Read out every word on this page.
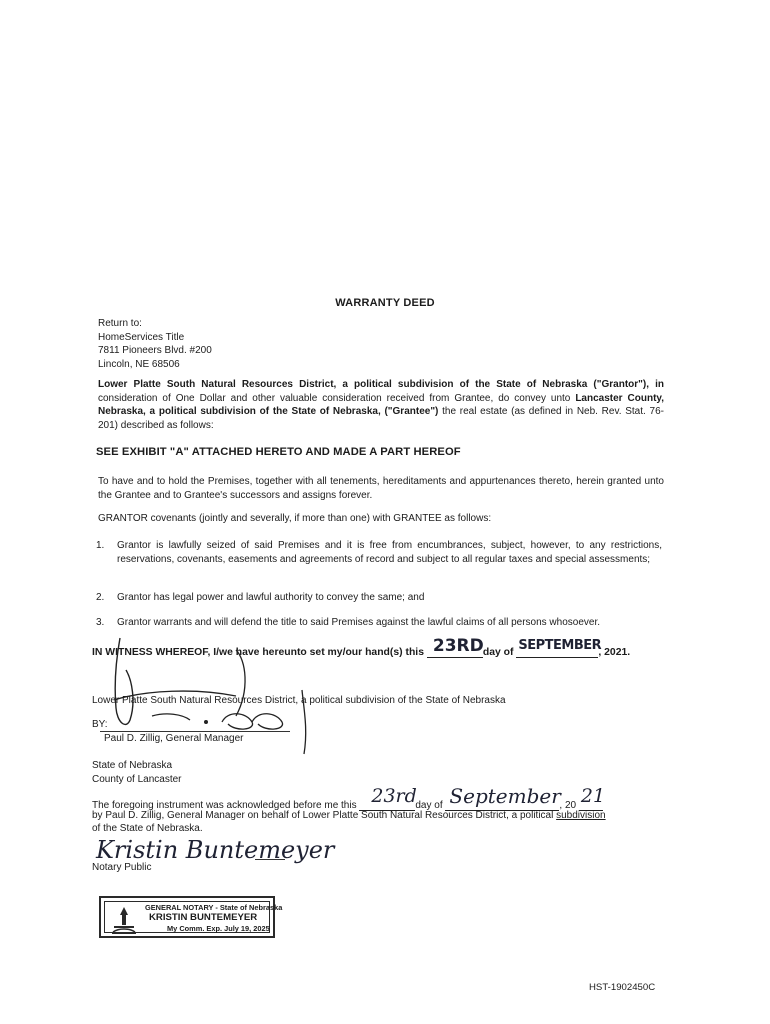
WARRANTY DEED
Return to:
HomeServices Title
7811 Pioneers Blvd. #200
Lincoln, NE 68506
Lower Platte South Natural Resources District, a political subdivision of the State of Nebraska ("Grantor"), in consideration of One Dollar and other valuable consideration received from Grantee, do convey unto Lancaster County, Nebraska, a political subdivision of the State of Nebraska, ("Grantee") the real estate (as defined in Neb. Rev. Stat. 76-201) described as follows:
SEE EXHIBIT "A" ATTACHED HERETO AND MADE A PART HEREOF
To have and to hold the Premises, together with all tenements, hereditaments and appurtenances thereto, herein granted unto the Grantee and to Grantee's successors and assigns forever.
GRANTOR covenants (jointly and severally, if more than one) with GRANTEE as follows:
1. Grantor is lawfully seized of said Premises and it is free from encumbrances, subject, however, to any restrictions, reservations, covenants, easements and agreements of record and subject to all regular taxes and special assessments;
2. Grantor has legal power and lawful authority to convey the same; and
3. Grantor warrants and will defend the title to said Premises against the lawful claims of all persons whosoever.
IN WITNESS WHEREOF, I/we have hereunto set my/our hand(s) this 23RD day of SEPTEMBER
, 2021.
Lower Platte South Natural Resources District, a political subdivision of the State of Nebraska
BY:
Paul D. Zillig, General Manager
State of Nebraska
County of Lancaster
The foregoing instrument was acknowledged before me this 23rd
day of September
, 20 21
by Paul D. Zillig, General Manager on behalf of Lower Platte South Natural Resources District, a political subdivision
of the State of Nebraska.
Kristin Buntemeyer
Notary Public
GENERAL NOTARY - State of Nebraska
KRISTIN BUNTEMEYER
My Comm. Exp. July 19, 2025
HST-1902450C
